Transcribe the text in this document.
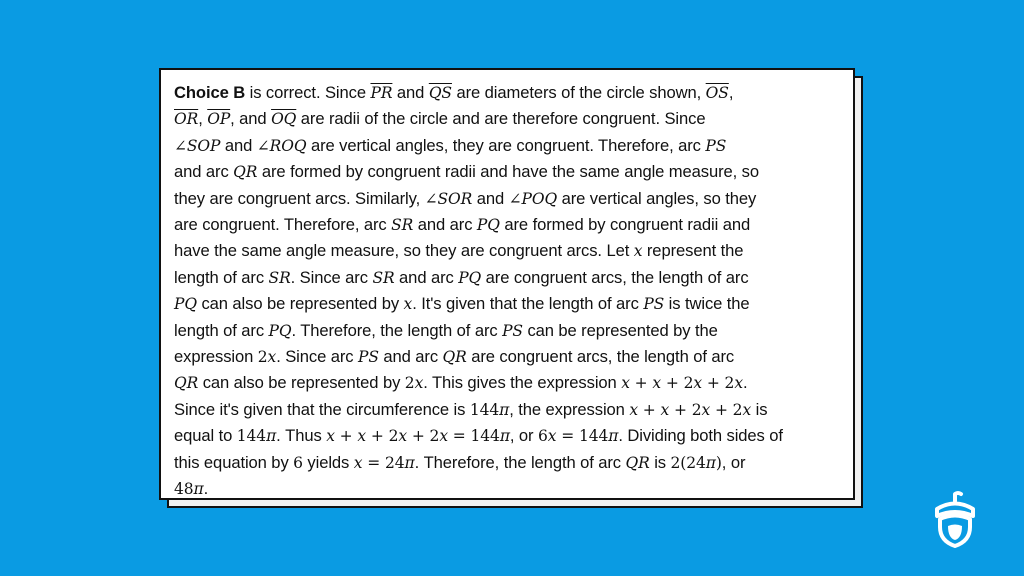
Choice B is correct. Since $\overline{PR}$ and $\overline{QS}$ are diameters of the circle shown, $\overline{OS}$,
$\overline{OR}$, $\overline{OP}$, and $\overline{OQ}$ are radii of the circle and are therefore congruent. Since
∠SOP and ∠ROQ are vertical angles, they are congruent. Therefore, arc PS
and arc QR are formed by congruent radii and have the same angle measure, so
they are congruent arcs. Similarly, ∠SOR and ∠POQ are vertical angles, so they
are congruent. Therefore, arc SR and arc PQ are formed by congruent radii and
have the same angle measure, so they are congruent arcs. Let x represent the
length of arc SR. Since arc SR and arc PQ are congruent arcs, the length of arc
PQ can also be represented by x. It's given that the length of arc PS is twice the
length of arc PQ. Therefore, the length of arc PS can be represented by the
expression 2x. Since arc PS and arc QR are congruent arcs, the length of arc
QR can also be represented by 2x. This gives the expression x + x + 2x + 2x.
Since it's given that the circumference is 144π, the expression x + x + 2x + 2x is
equal to 144π. Thus x + x + 2x + 2x = 144π, or 6x = 144π. Dividing both sides of
this equation by 6 yields x = 24π. Therefore, the length of arc QR is 2(24π), or
48π.
